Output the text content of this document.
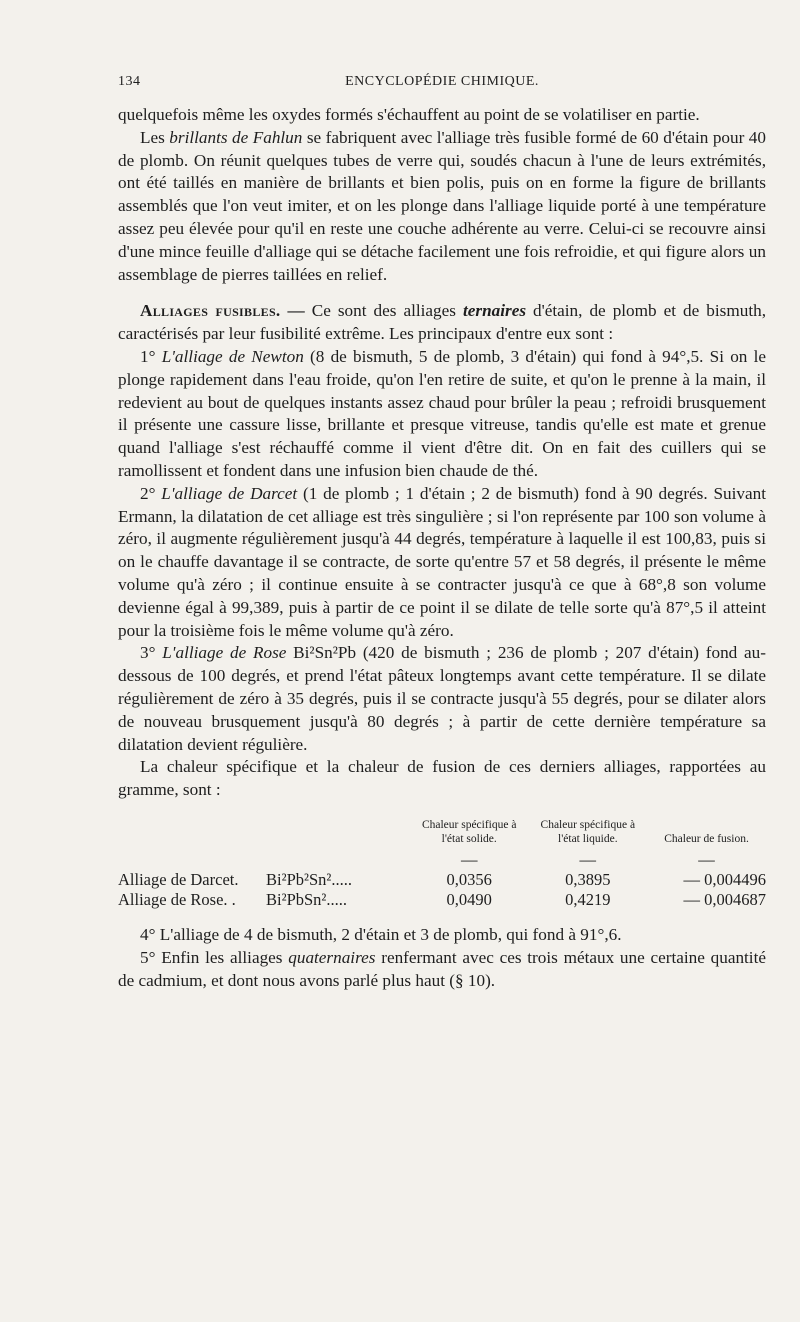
134	ENCYCLOPÉDIE CHIMIQUE.

quelquefois même les oxydes formés s'échauffent au point de se volatiliser en partie.

Les brillants de Fahlun se fabriquent avec l'alliage très fusible formé de 60 d'étain pour 40 de plomb. On réunit quelques tubes de verre qui, soudés chacun à l'une de leurs extrémités, ont été taillés en manière de brillants et bien polis, puis on en forme la figure de brillants assemblés que l'on veut imiter, et on les plonge dans l'alliage liquide porté à une température assez peu élevée pour qu'il en reste une couche adhérente au verre. Celui-ci se recouvre ainsi d'une mince feuille d'alliage qui se détache facilement une fois refroidie, et qui figure alors un assemblage de pierres taillées en relief.

Alliages fusibles. — Ce sont des alliages ternaires d'étain, de plomb et de bismuth, caractérisés par leur fusibilité extrême. Les principaux d'entre eux sont :

1° L'alliage de Newton (8 de bismuth, 5 de plomb, 3 d'étain) qui fond à 94°,5. Si on le plonge rapidement dans l'eau froide, qu'on l'en retire de suite, et qu'on le prenne à la main, il redevient au bout de quelques instants assez chaud pour brûler la peau ; refroidi brusquement il présente une cassure lisse, brillante et presque vitreuse, tandis qu'elle est mate et grenue quand l'alliage s'est réchauffé comme il vient d'être dit. On en fait des cuillers qui se ramollissent et fondent dans une infusion bien chaude de thé.

2° L'alliage de Darcet (1 de plomb ; 1 d'étain ; 2 de bismuth) fond à 90 degrés. Suivant Ermann, la dilatation de cet alliage est très singulière ; si l'on représente par 100 son volume à zéro, il augmente régulièrement jusqu'à 44 degrés, température à laquelle il est 100,83, puis si on le chauffe davantage il se contracte, de sorte qu'entre 57 et 58 degrés, il présente le même volume qu'à zéro ; il continue ensuite à se contracter jusqu'à ce que à 68°,8 son volume devienne égal à 99,389, puis à partir de ce point il se dilate de telle sorte qu'à 87°,5 il atteint pour la troisième fois le même volume qu'à zéro.

3° L'alliage de Rose Bi²Sn²Pb (420 de bismuth ; 236 de plomb ; 207 d'étain) fond au-dessous de 100 degrés, et prend l'état pâteux longtemps avant cette température. Il se dilate régulièrement de zéro à 35 degrés, puis il se contracte jusqu'à 55 degrés, pour se dilater alors de nouveau brusquement jusqu'à 80 degrés ; à partir de cette dernière température sa dilatation devient régulière.

La chaleur spécifique et la chaleur de fusion de ces derniers alliages, rapportées au gramme, sont :

		Chaleur spécifique à l'état solide.	Chaleur spécifique à l'état liquide.	Chaleur de fusion.
		—	—	—
Alliage de Darcet.	Bi²Pb²Sn².....	0,0356	0,3895	— 0,004496
Alliage de Rose. .	Bi²PbSn².....	0,0490	0,4219	— 0,004687

4° L'alliage de 4 de bismuth, 2 d'étain et 3 de plomb, qui fond à 91°,6.

5° Enfin les alliages quaternaires renfermant avec ces trois métaux une certaine quantité de cadmium, et dont nous avons parlé plus haut (§ 10).
